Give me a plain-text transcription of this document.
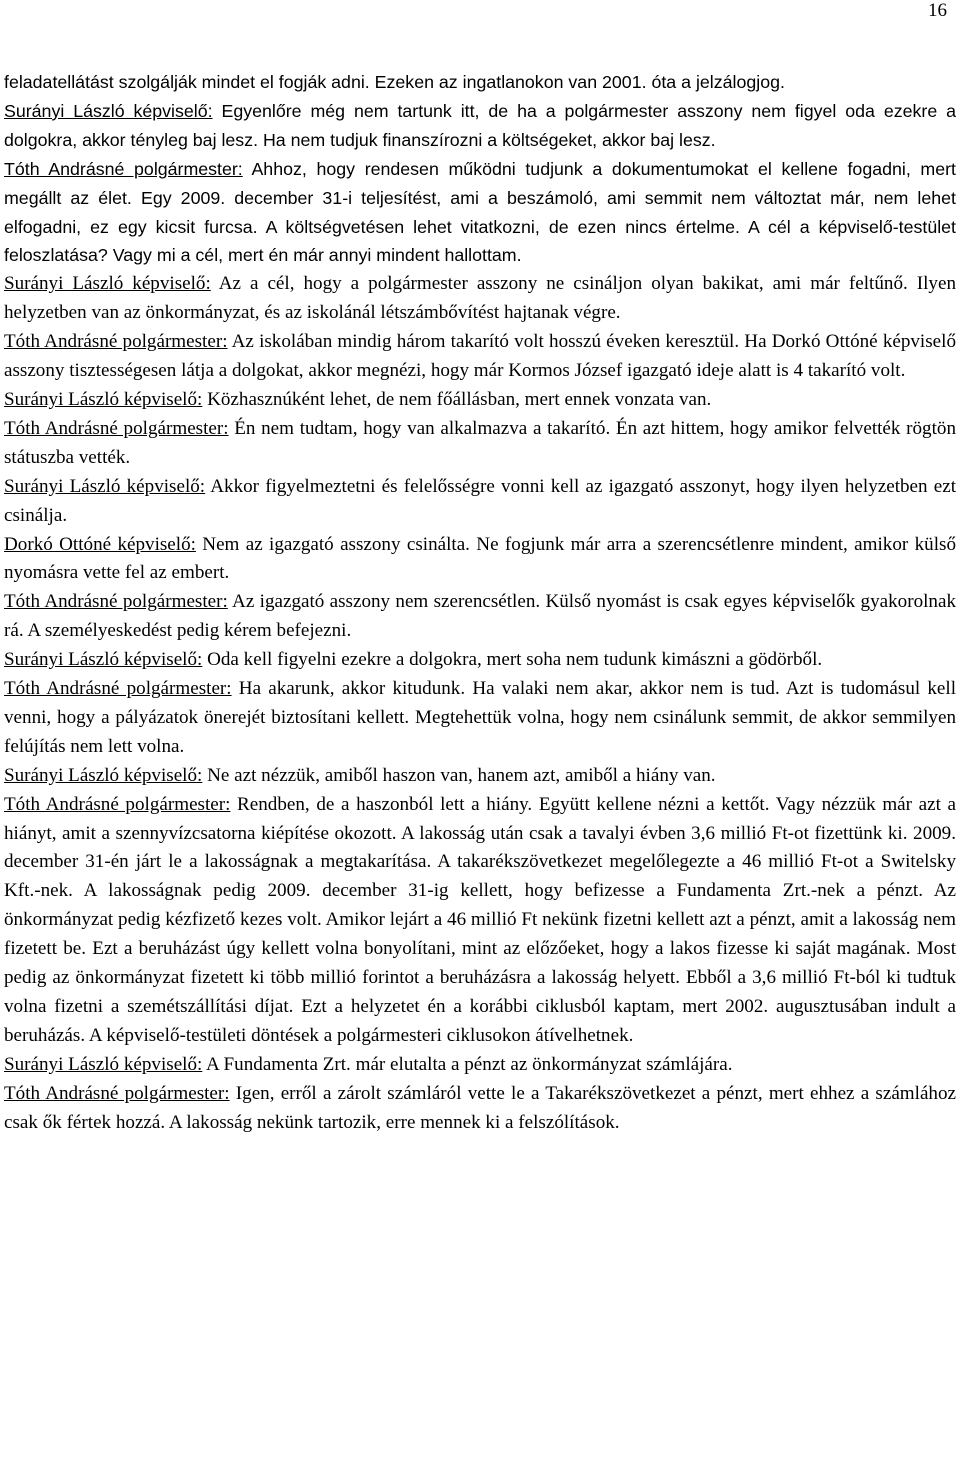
16

feladatellátást szolgálják mindet el fogják adni. Ezeken az ingatlanokon van 2001. óta a jelzálogjog.

Surányi László képviselő: Egyenlőre még nem tartunk itt, de ha a polgármester asszony nem figyel oda ezekre a dolgokra, akkor tényleg baj lesz. Ha nem tudjuk finanszírozni a költségeket, akkor baj lesz.

Tóth Andrásné polgármester: Ahhoz, hogy rendesen működni tudjunk a dokumentumokat el kellene fogadni, mert megállt az élet. Egy 2009. december 31-i teljesítést, ami a beszámoló, ami semmit nem változtat már, nem lehet elfogadni, ez egy kicsit furcsa. A költségvetésen lehet vitatkozni, de ezen nincs értelme. A cél a képviselő-testület feloszlatása? Vagy mi a cél, mert én már annyi mindent hallottam.

Surányi László képviselő: Az a cél, hogy a polgármester asszony ne csináljon olyan bakikat, ami már feltűnő. Ilyen helyzetben van az önkormányzat, és az iskolánál létszámbővítést hajtanak végre.

Tóth Andrásné polgármester: Az iskolában mindig három takarító volt hosszú éveken keresztül. Ha Dorkó Ottóné képviselő asszony tisztességesen látja a dolgokat, akkor megnézi, hogy már Kormos József igazgató ideje alatt is 4 takarító volt.

Surányi László képviselő: Közhasznúként lehet, de nem főállásban, mert ennek vonzata van.

Tóth Andrásné polgármester: Én nem tudtam, hogy van alkalmazva a takarító. Én azt hittem, hogy amikor felvették rögtön státuszba vették.

Surányi László képviselő: Akkor figyelmeztetni és felelősségre vonni kell az igazgató asszonyt, hogy ilyen helyzetben ezt csinálja.

Dorkó Ottóné képviselő: Nem az igazgató asszony csinálta. Ne fogjunk már arra a szerencsétlenre mindent, amikor külső nyomásra vette fel az embert.

Tóth Andrásné polgármester: Az igazgató asszony nem szerencsétlen. Külső nyomást is csak egyes képviselők gyakorolnak rá. A személyeskedést pedig kérem befejezni.

Surányi László képviselő: Oda kell figyelni ezekre a dolgokra, mert soha nem tudunk kimászni a gödörből.

Tóth Andrásné polgármester: Ha akarunk, akkor kitudunk. Ha valaki nem akar, akkor nem is tud. Azt is tudomásul kell venni, hogy a pályázatok önerejét biztosítani kellett. Megtehettük volna, hogy nem csinálunk semmit, de akkor semmilyen felújítás nem lett volna.

Surányi László képviselő: Ne azt nézzük, amiből haszon van, hanem azt, amiből a hiány van.

Tóth Andrásné polgármester: Rendben, de a haszonból lett a hiány. Együtt kellene nézni a kettőt. Vagy nézzük már azt a hiányt, amit a szennyvízcsatorna kiépítése okozott. A lakosság után csak a tavalyi évben 3,6 millió Ft-ot fizettünk ki. 2009. december 31-én járt le a lakosságnak a megtakarítása. A takarékszövetkezet megelőlegezte a 46 millió Ft-ot a Switelsky Kft.-nek. A lakosságnak pedig 2009. december 31-ig kellett, hogy befizesse a Fundamenta Zrt.-nek a pénzt. Az önkormányzat pedig kézfizető kezes volt. Amikor lejárt a 46 millió Ft nekünk fizetni kellett azt a pénzt, amit a lakosság nem fizetett be. Ezt a beruházást úgy kellett volna bonyolítani, mint az előzőeket, hogy a lakos fizesse ki saját magának. Most pedig az önkormányzat fizetett ki több millió forintot a beruházásra a lakosság helyett. Ebből a 3,6 millió Ft-ból ki tudtuk volna fizetni a szemétszállítási díjat. Ezt a helyzetet én a korábbi ciklusból kaptam, mert 2002. augusztusában indult a beruházás. A képviselő-testületi döntések a polgármesteri ciklusokon átívelhetnek.

Surányi László képviselő: A Fundamenta Zrt. már elutalta a pénzt az önkormányzat számlájára.

Tóth Andrásné polgármester: Igen, erről a zárolt számláról vette le a Takarékszövetkezet a pénzt, mert ehhez a számlához csak ők fértek hozzá. A lakosság nekünk tartozik, erre mennek ki a felszólítások.
